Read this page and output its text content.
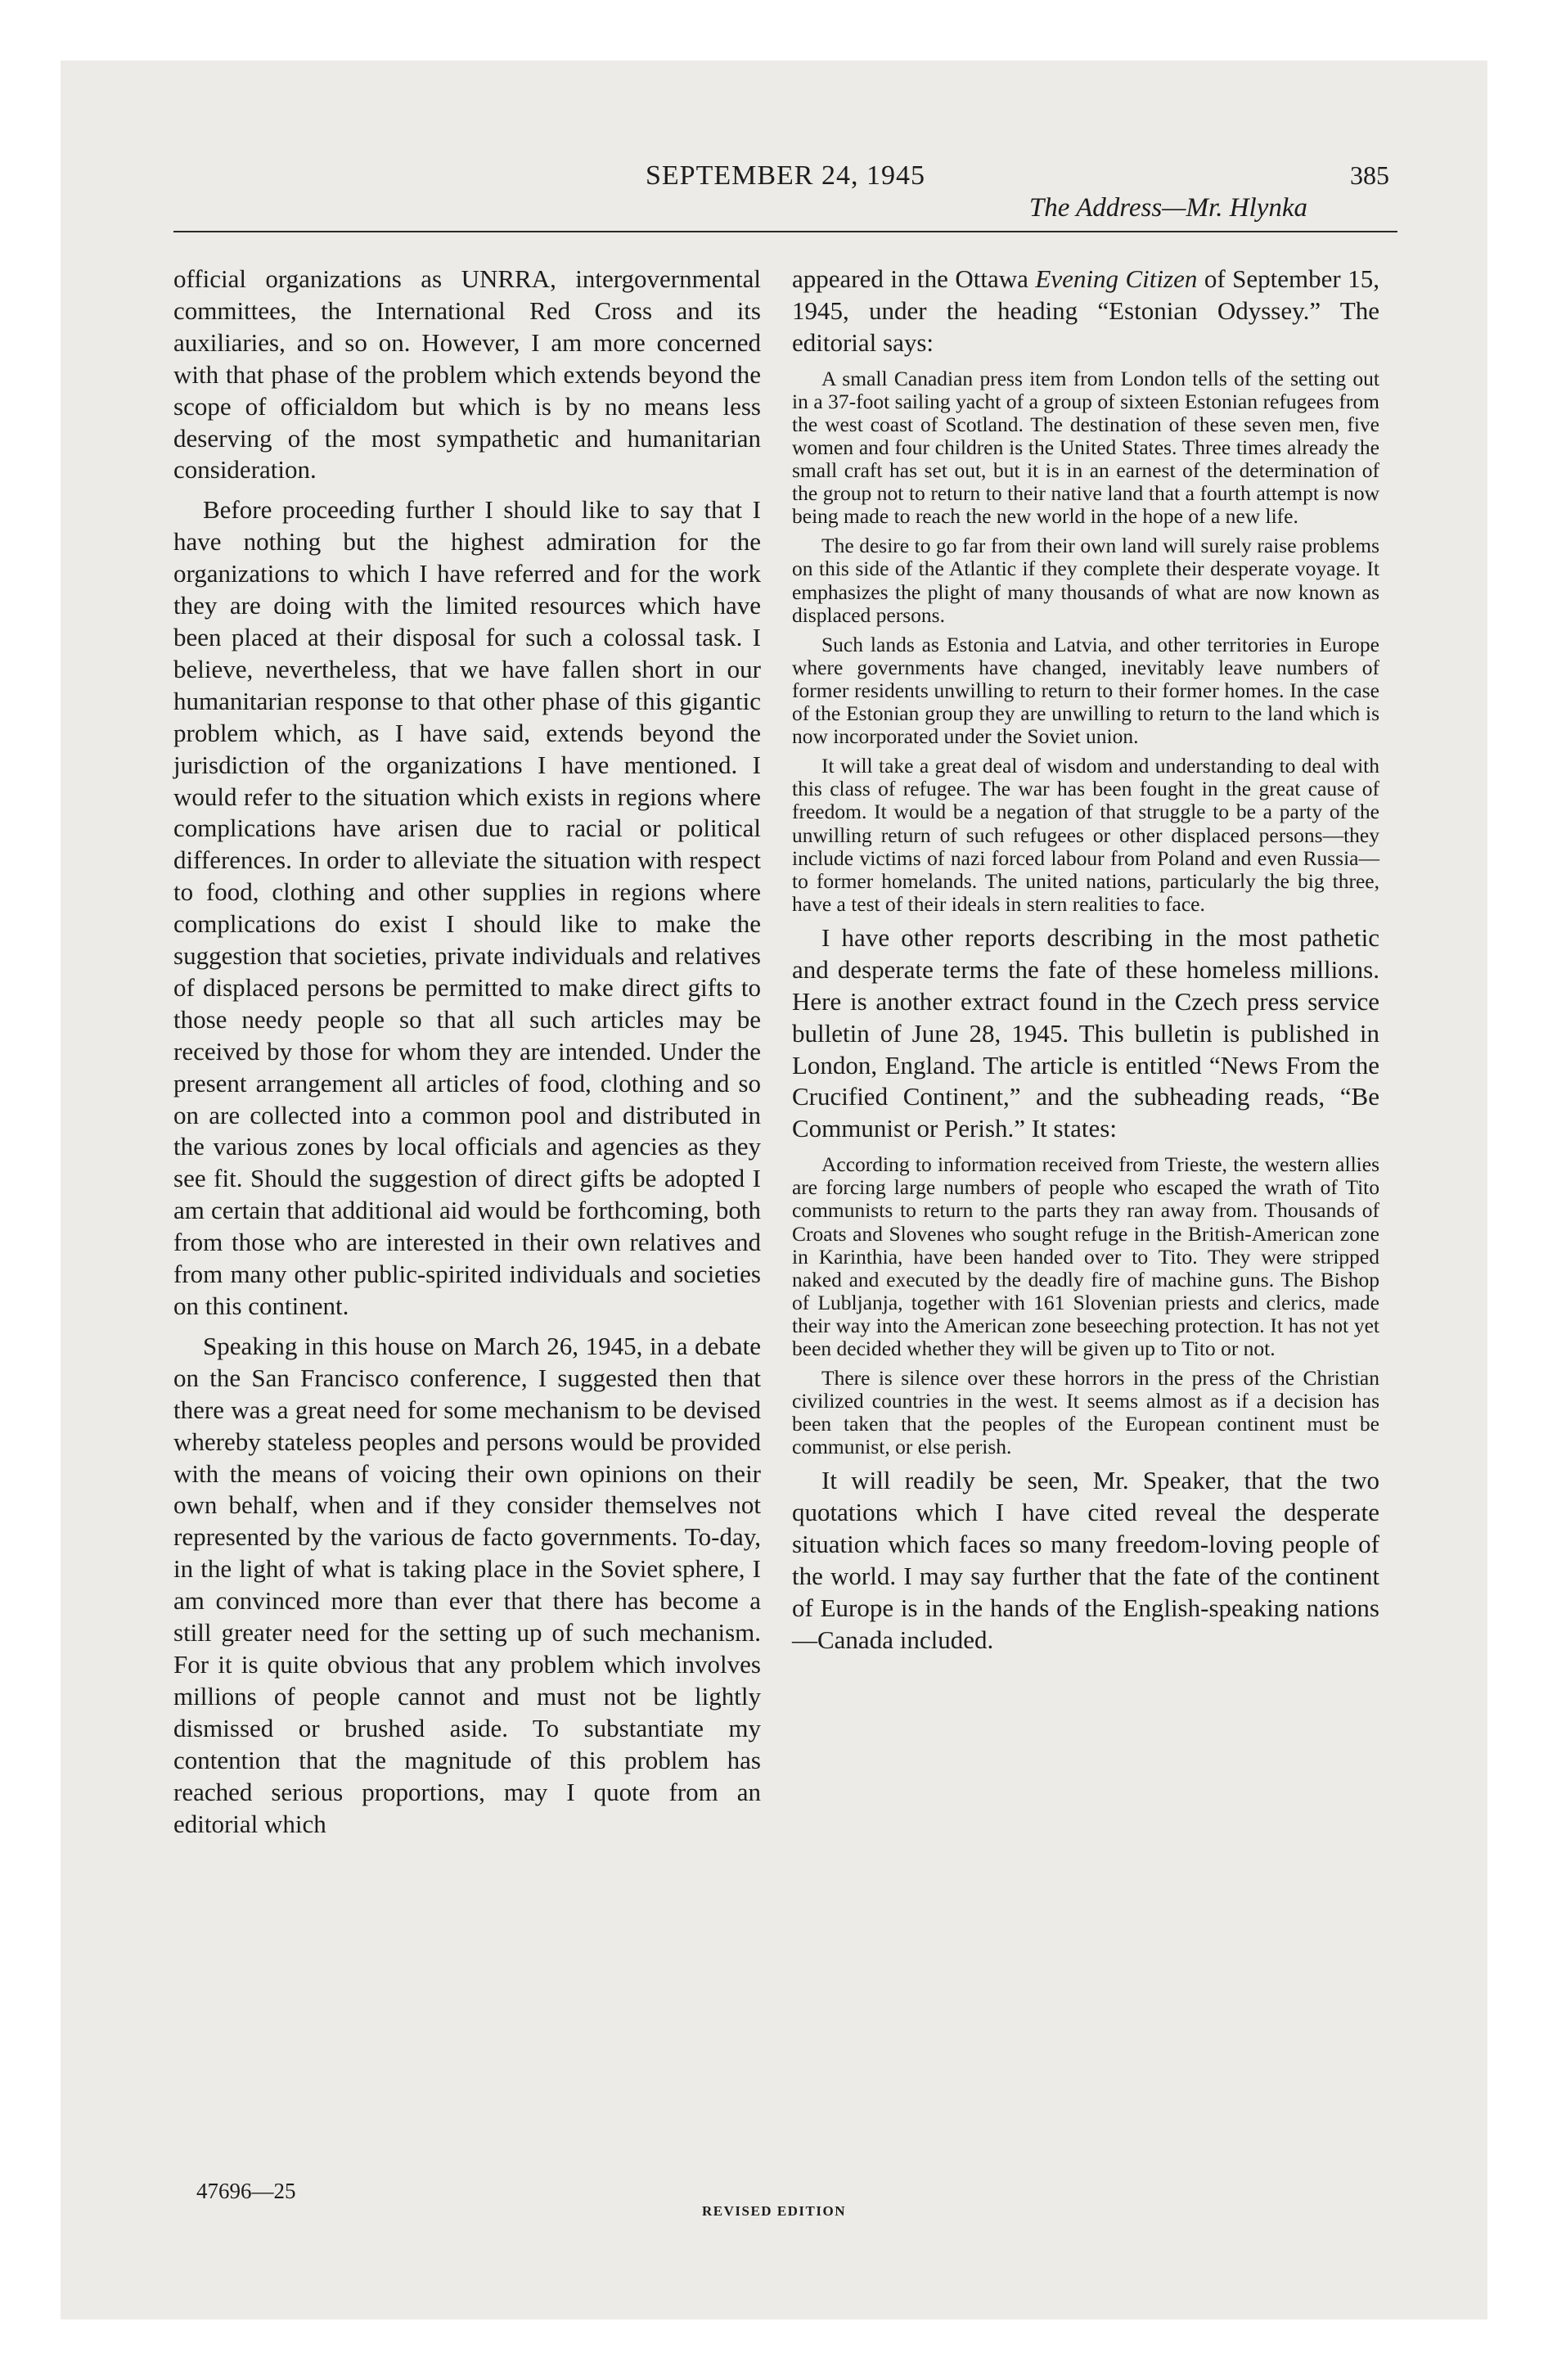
SEPTEMBER 24, 1945	385
The Address—Mr. Hlynka

official organizations as UNRRA, intergovernmental committees, the International Red Cross and its auxiliaries, and so on. However, I am more concerned with that phase of the problem which extends beyond the scope of officialdom but which is by no means less deserving of the most sympathetic and humanitarian consideration.

Before proceeding further I should like to say that I have nothing but the highest admiration for the organizations to which I have referred and for the work they are doing with the limited resources which have been placed at their disposal for such a colossal task. I believe, nevertheless, that we have fallen short in our humanitarian response to that other phase of this gigantic problem which, as I have said, extends beyond the jurisdiction of the organizations I have mentioned. I would refer to the situation which exists in regions where complications have arisen due to racial or political differences. In order to alleviate the situation with respect to food, clothing and other supplies in regions where complications do exist I should like to make the suggestion that societies, private individuals and relatives of displaced persons be permitted to make direct gifts to those needy people so that all such articles may be received by those for whom they are intended. Under the present arrangement all articles of food, clothing and so on are collected into a common pool and distributed in the various zones by local officials and agencies as they see fit. Should the suggestion of direct gifts be adopted I am certain that additional aid would be forthcoming, both from those who are interested in their own relatives and from many other public-spirited individuals and societies on this continent.

Speaking in this house on March 26, 1945, in a debate on the San Francisco conference, I suggested then that there was a great need for some mechanism to be devised whereby stateless peoples and persons would be provided with the means of voicing their own opinions on their own behalf, when and if they consider themselves not represented by the various de facto governments. To-day, in the light of what is taking place in the Soviet sphere, I am convinced more than ever that there has become a still greater need for the setting up of such mechanism. For it is quite obvious that any problem which involves millions of people cannot and must not be lightly dismissed or brushed aside. To substantiate my contention that the magnitude of this problem has reached serious proportions, may I quote from an editorial which

appeared in the Ottawa Evening Citizen of September 15, 1945, under the heading “Estonian Odyssey.” The editorial says:

A small Canadian press item from London tells of the setting out in a 37-foot sailing yacht of a group of sixteen Estonian refugees from the west coast of Scotland. The destination of these seven men, five women and four children is the United States. Three times already the small craft has set out, but it is in an earnest of the determination of the group not to return to their native land that a fourth attempt is now being made to reach the new world in the hope of a new life.

The desire to go far from their own land will surely raise problems on this side of the Atlantic if they complete their desperate voyage. It emphasizes the plight of many thousands of what are now known as displaced persons.

Such lands as Estonia and Latvia, and other territories in Europe where governments have changed, inevitably leave numbers of former residents unwilling to return to their former homes. In the case of the Estonian group they are unwilling to return to the land which is now incorporated under the Soviet union.

It will take a great deal of wisdom and understanding to deal with this class of refugee. The war has been fought in the great cause of freedom. It would be a negation of that struggle to be a party of the unwilling return of such refugees or other displaced persons—they include victims of nazi forced labour from Poland and even Russia—to former homelands. The united nations, particularly the big three, have a test of their ideals in stern realities to face.

I have other reports describing in the most pathetic and desperate terms the fate of these homeless millions. Here is another extract found in the Czech press service bulletin of June 28, 1945. This bulletin is published in London, England. The article is entitled “News From the Crucified Continent,” and the subheading reads, “Be Communist or Perish.” It states:

According to information received from Trieste, the western allies are forcing large numbers of people who escaped the wrath of Tito communists to return to the parts they ran away from. Thousands of Croats and Slovenes who sought refuge in the British-American zone in Karinthia, have been handed over to Tito. They were stripped naked and executed by the deadly fire of machine guns. The Bishop of Lubljanja, together with 161 Slovenian priests and clerics, made their way into the American zone beseeching protection. It has not yet been decided whether they will be given up to Tito or not.

There is silence over these horrors in the press of the Christian civilized countries in the west. It seems almost as if a decision has been taken that the peoples of the European continent must be communist, or else perish.

It will readily be seen, Mr. Speaker, that the two quotations which I have cited reveal the desperate situation which faces so many freedom-loving people of the world. I may say further that the fate of the continent of Europe is in the hands of the English-speaking nations—Canada included.

47696—25
REVISED EDITION
